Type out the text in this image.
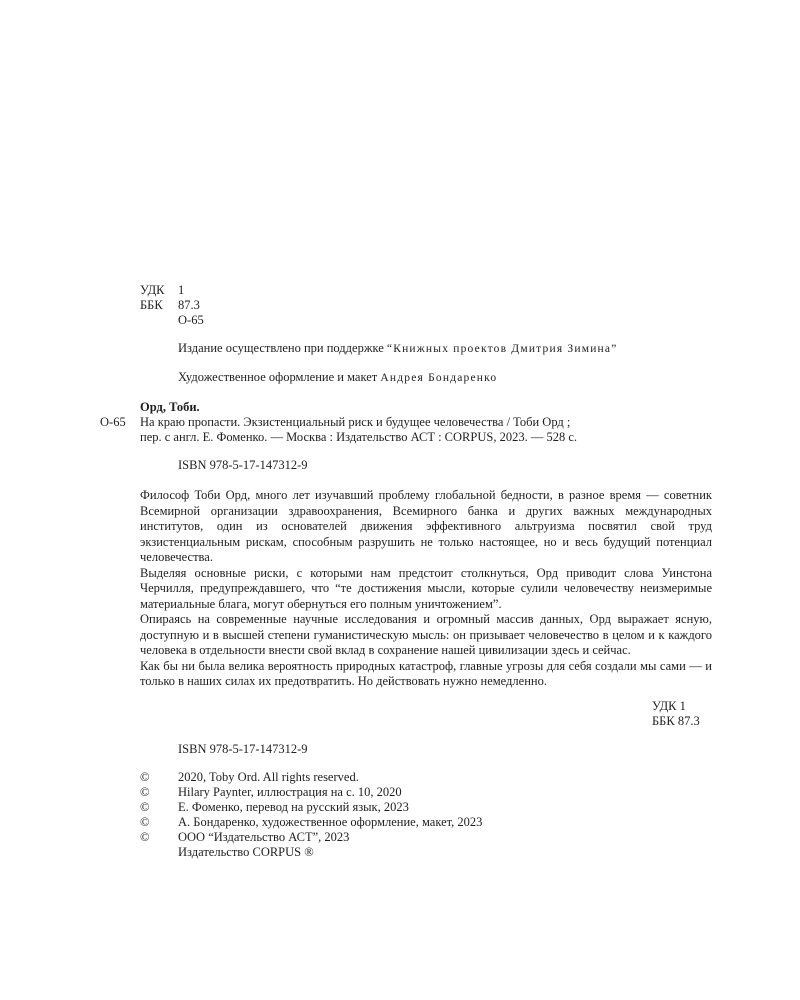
УДК 1
ББК 87.3
О-65
Издание осуществлено при поддержке “Книжных проектов Дмитрия Зимина”
Художественное оформление и макет Андрея Бондаренко
Орд, Тоби.
О-65 На краю пропасти. Экзистенциальный риск и будущее человечества / Тоби Орд ;
пер. с англ. Е. Фоменко. — Москва : Издательство АСТ : CORPUS, 2023. — 528 с.
ISBN 978-5-17-147312-9

Философ Тоби Орд, много лет изучавший проблему глобальной бедности, в разное время — советник Всемирной организации здравоохранения, Всемирного банка и других важных международных институтов, один из основателей движения эффективного альтруизма посвятил свой труд экзистенциальным рискам, способным разрушить не только настоящее, но и весь будущий потенциал человечества.

Выделяя основные риски, с которыми нам предстоит столкнуться, Орд приводит слова Уинстона Черчилля, предупреждавшего, что “те достижения мысли, которые сулили человечеству неизмеримые материальные блага, могут обернуться его полным уничтожением”.

Опираясь на современные научные исследования и огромный массив данных, Орд выражает ясную, доступную и в высшей степени гуманистическую мысль: он призывает человечество в целом и к каждого человека в отдельности внести свой вклад в сохранение нашей цивилизации здесь и сейчас.

Как бы ни была велика вероятность природных катастроф, главные угрозы для себя создали мы сами — и только в наших силах их предотвратить. Но действовать нужно немедленно.

УДК 1
ББК 87.3
ISBN 978-5-17-147312-9
© 2020, Toby Ord. All rights reserved.
© Hilary Paynter, иллюстрация на с. 10, 2020
© Е. Фоменко, перевод на русский язык, 2023
© А. Бондаренко, художественное оформление, макет, 2023
© ООО “Издательство АСТ”, 2023
Издательство CORPUS ®
